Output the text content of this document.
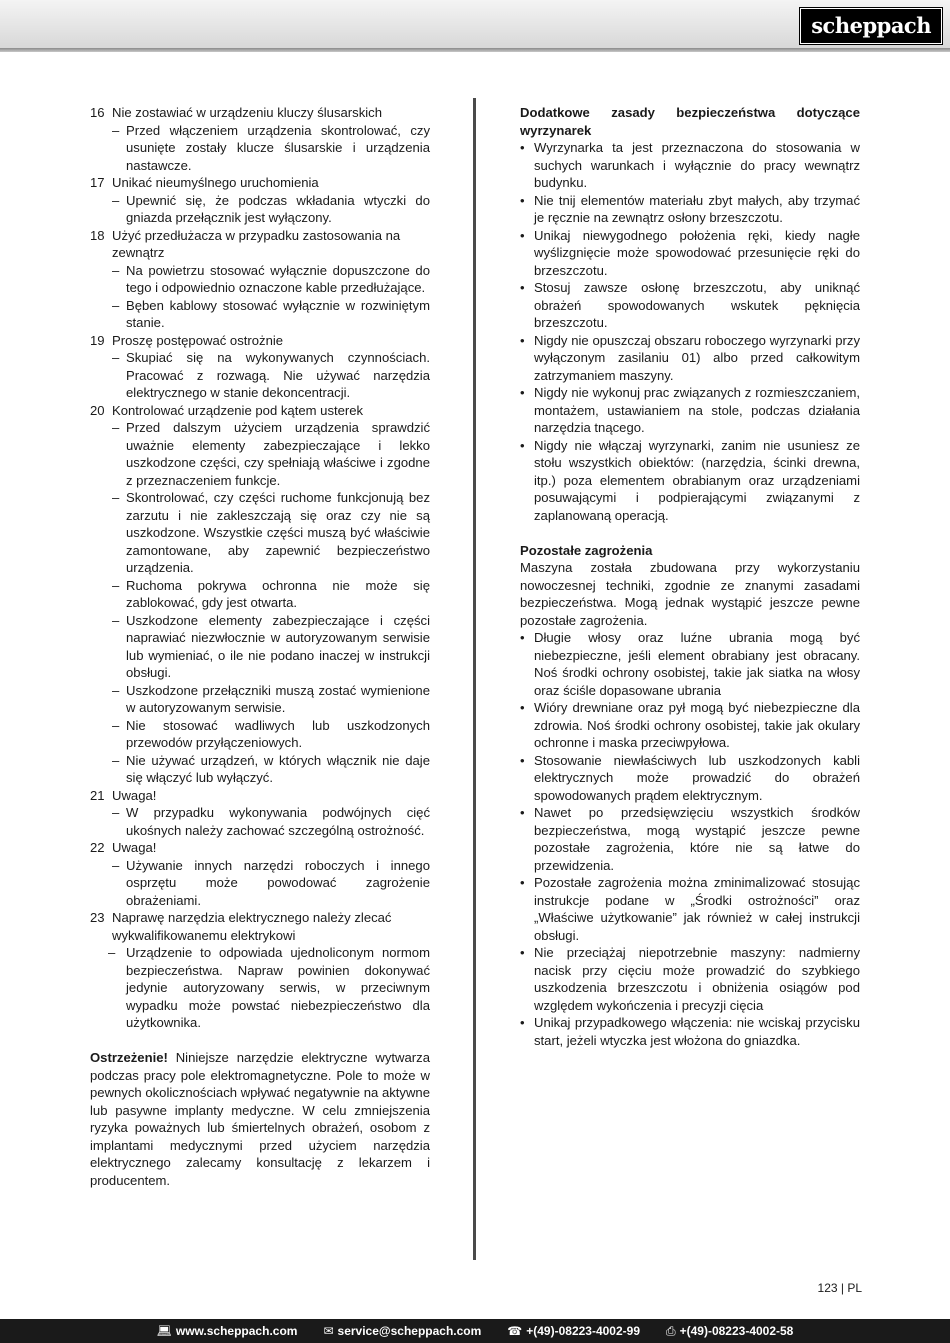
scheppach
16 Nie zostawiać w urządzeniu kluczy ślusarskich
– Przed włączeniem urządzenia skontrolować, czy usunięte zostały klucze ślusarskie i urządzenia nastawcze.
17 Unikać nieumyślnego uruchomienia
– Upewnić się, że podczas wkładania wtyczki do gniazda przełącznik jest wyłączony.
18 Użyć przedłużacza w przypadku zastosowania na zewnątrz
– Na powietrzu stosować wyłącznie dopuszczone do tego i odpowiednio oznaczone kable przedłużające.
– Bęben kablowy stosować wyłącznie w rozwiniętym stanie.
19 Proszę postępować ostrożnie
– Skupiać się na wykonywanych czynnościach. Pracować z rozwagą. Nie używać narzędzia elektrycznego w stanie dekoncentracji.
20 Kontrolować urządzenie pod kątem usterek
– Przed dalszym użyciem urządzenia sprawdzić uważnie elementy zabezpieczające i lekko uszkodzone części, czy spełniają właściwe i zgodne z przeznaczeniem funkcje.
– Skontrolować, czy części ruchome funkcjonują bez zarzutu i nie zakleszczają się oraz czy nie są uszkodzone. Wszystkie części muszą być właściwie zamontowane, aby zapewnić bezpieczeństwo urządzenia.
– Ruchoma pokrywa ochronna nie może się zablokować, gdy jest otwarta.
– Uszkodzone elementy zabezpieczające i części naprawiać niezwłocznie w autoryzowanym serwisie lub wymieniać, o ile nie podano inaczej w instrukcji obsługi.
– Uszkodzone przełączniki muszą zostać wymienione w autoryzowanym serwisie.
– Nie stosować wadliwych lub uszkodzonych przewodów przyłączeniowych.
– Nie używać urządzeń, w których włącznik nie daje się włączyć lub wyłączyć.
21 Uwaga!
– W przypadku wykonywania podwójnych cięć ukośnych należy zachować szczególną ostrożność.
22 Uwaga!
– Używanie innych narzędzi roboczych i innego osprzętu może powodować zagrożenie obrażeniami.
23 Naprawę narzędzia elektrycznego należy zlecać wykwalifikowanemu elektrykowi
– Urządzenie to odpowiada ujednoliconym normom bezpieczeństwa. Napraw powinien dokonywać jedynie autoryzowany serwis, w przeciwnym wypadku może powstać niebezpieczeństwo dla użytkownika.
Ostrzeżenie! Niniejsze narzędzie elektryczne wytwarza podczas pracy pole elektromagnetyczne. Pole to może w pewnych okolicznościach wpływać negatywnie na aktywne lub pasywne implanty medyczne. W celu zmniejszenia ryzyka poważnych lub śmiertelnych obrażeń, osobom z implantami medycznymi przed użyciem narzędzia elektrycznego zalecamy konsultację z lekarzem i producentem.
Dodatkowe zasady bezpieczeństwa dotyczące wyrzynarek
• Wyrzynarka ta jest przeznaczona do stosowania w suchych warunkach i wyłącznie do pracy wewnątrz budynku.
• Nie tnij elementów materiału zbyt małych, aby trzymać je ręcznie na zewnątrz osłony brzeszczotu.
• Unikaj niewygodnego położenia ręki, kiedy nagłe wyślizgnięcie może spowodować przesunięcie ręki do brzeszczotu.
• Stosuj zawsze osłonę brzeszczotu, aby uniknąć obrażeń spowodowanych wskutek pęknięcia brzeszczotu.
• Nigdy nie opuszczaj obszaru roboczego wyrzynarki przy wyłączonym zasilaniu 01) albo przed całkowitym zatrzymaniem maszyny.
• Nigdy nie wykonuj prac związanych z rozmieszczaniem, montażem, ustawianiem na stole, podczas działania narzędzia tnącego.
• Nigdy nie włączaj wyrzynarki, zanim nie usuniesz ze stołu wszystkich obiektów: (narzędzia, ścinki drewna, itp.) poza elementem obrabianym oraz urządzeniami posuwającymi i podpierającymi związanymi z zaplanowaną operacją.
Pozostałe zagrożenia
Maszyna została zbudowana przy wykorzystaniu nowoczesnej techniki, zgodnie ze znanymi zasadami bezpieczeństwa. Mogą jednak wystąpić jeszcze pewne pozostałe zagrożenia.
• Długie włosy oraz luźne ubrania mogą być niebezpieczne, jeśli element obrabiany jest obracany. Noś środki ochrony osobistej, takie jak siatka na włosy oraz ściśle dopasowane ubrania
• Wióry drewniane oraz pył mogą być niebezpieczne dla zdrowia. Noś środki ochrony osobistej, takie jak okulary ochronne i maska przeciwpyłowa.
• Stosowanie niewłaściwych lub uszkodzonych kabli elektrycznych może prowadzić do obrażeń spowodowanych prądem elektrycznym.
• Nawet po przedsięwzięciu wszystkich środków bezpieczeństwa, mogą wystąpić jeszcze pewne pozostałe zagrożenia, które nie są łatwe do przewidzenia.
• Pozostałe zagrożenia można zminimalizować stosując instrukcje podane w „Środki ostrożności” oraz „Właściwe użytkowanie” jak również w całej instrukcji obsługi.
• Nie przeciążaj niepotrzebnie maszyny: nadmierny nacisk przy cięciu może prowadzić do szybkiego uszkodzenia brzeszczotu i obniżenia osiągów pod względem wykończenia i precyzji cięcia
• Unikaj przypadkowego włączenia: nie wciskaj przycisku start, jeżeli wtyczka jest włożona do gniazdka.
123 | PL
💻︎ www.scheppach.com ✉︎ service@scheppach.com ☎ +(49)-08223-4002-99 ⎙ +(49)-08223-4002-58
